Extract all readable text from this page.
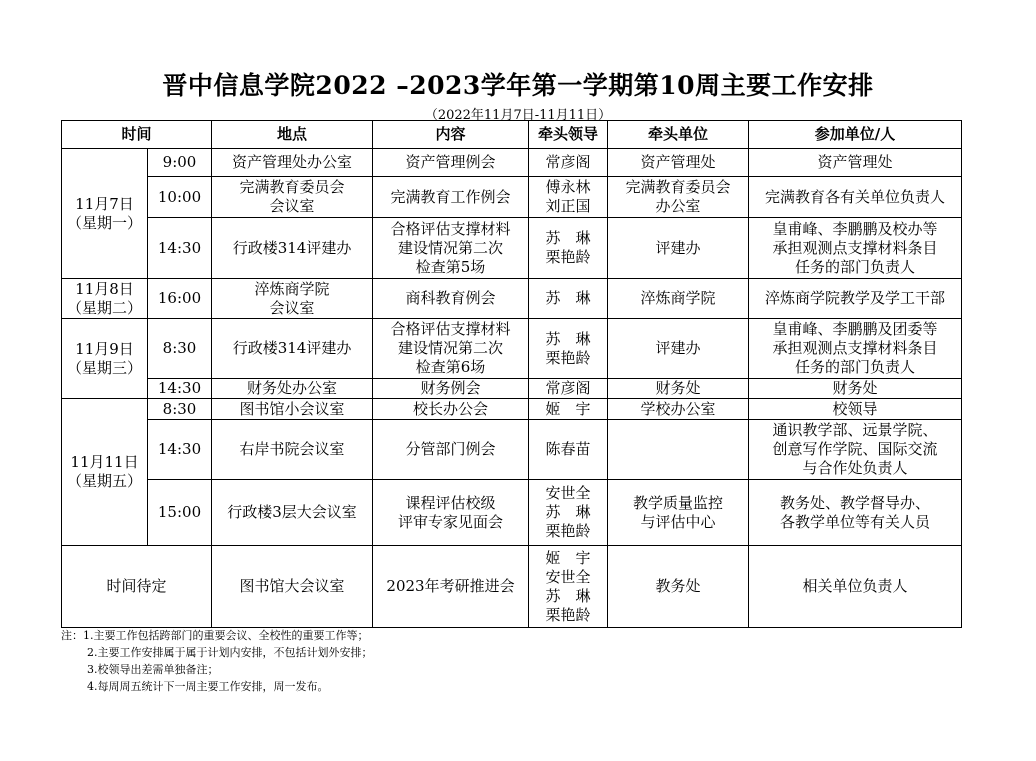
晋中信息学院2022 –2023学年第一学期第10周主要工作安排
（2022年11月7日-11月11日）
时间		地点	内容	牵头领导	牵头单位	参加单位/人
11月7日
（星期一）	9:00	资产管理处办公室	资产管理例会	常彦阁	资产管理处	资产管理处
	10:00	完满教育委员会
会议室	完满教育工作例会	傅永林
刘正国	完满教育委员会
办公室	完满教育各有关单位负责人
	14:30	行政楼314评建办	合格评估支撑材料
建设情况第二次
检查第5场	苏　琳
栗艳龄	评建办	皇甫峰、李鹏鹏及校办等
承担观测点支撑材料条目
任务的部门负责人
11月8日
（星期二）	16:00	淬炼商学院
会议室	商科教育例会	苏　琳	淬炼商学院	淬炼商学院教学及学工干部
11月9日
（星期三）	8:30	行政楼314评建办	合格评估支撑材料
建设情况第二次
检查第6场	苏　琳
栗艳龄	评建办	皇甫峰、李鹏鹏及团委等
承担观测点支撑材料条目
任务的部门负责人
	14:30	财务处办公室	财务例会	常彦阁	财务处	财务处
11月11日
（星期五）	8:30	图书馆小会议室	校长办公会	姬　宇	学校办公室	校领导
	14:30	右岸书院会议室	分管部门例会	陈春苗		通识教学部、远景学院、
创意写作学院、国际交流
与合作处负责人
	15:00	行政楼3层大会议室	课程评估校级
评审专家见面会	安世全
苏　琳
栗艳龄	教学质量监控
与评估中心	教务处、教学督导办、
各教学单位等有关人员
时间待定		图书馆大会议室	2023年考研推进会	姬　宇
安世全
苏　琳
栗艳龄	教务处	相关单位负责人
注：1.主要工作包括跨部门的重要会议、全校性的重要工作等；
2.主要工作安排属于属于计划内安排，不包括计划外安排；
3.校领导出差需单独备注；
4.每周周五统计下一周主要工作安排，周一发布。
